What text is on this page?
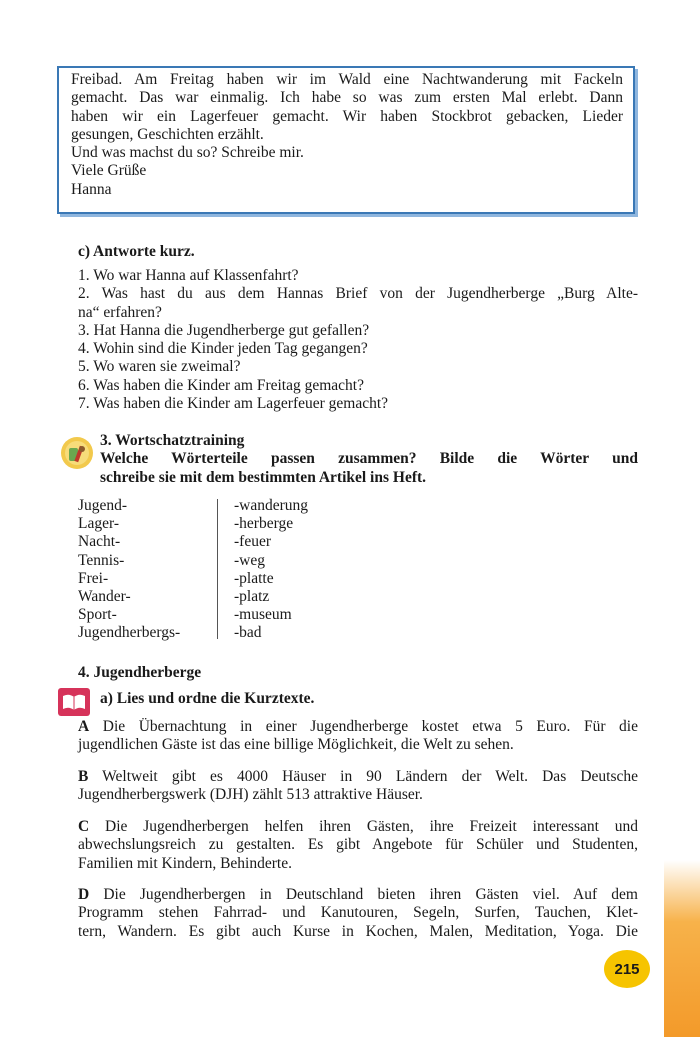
Freibad. Am Freitag haben wir im Wald eine Nachtwanderung mit Fackeln
gemacht. Das war einmalig. Ich habe so was zum ersten Mal erlebt. Dann
haben wir ein Lagerfeuer gemacht. Wir haben Stockbrot gebacken, Lieder
gesungen, Geschichten erzählt.
Und was machst du so? Schreibe mir.
Viele Grüße
Hanna
c) Antworte kurz.
1. Wo war Hanna auf Klassenfahrt?
2. Was hast du aus dem Hannas Brief von der Jugendherberge „Burg Alte-
na“ erfahren?
3. Hat Hanna die Jugendherberge gut gefallen?
4. Wohin sind die Kinder jeden Tag gegangen?
5. Wo waren sie zweimal?
6. Was haben die Kinder am Freitag gemacht?
7. Was haben die Kinder am Lagerfeuer gemacht?
3. Wortschatztraining
Welche Wörterteile passen zusammen? Bilde die Wörter und
schreibe sie mit dem bestimmten Artikel ins Heft.
Jugend-
Lager-
Nacht-
Tennis-
Frei-
Wander-
Sport-
Jugendherbergs-
-wanderung
-herberge
-feuer
-weg
-platte
-platz
-museum
-bad
4. Jugendherberge
a) Lies und ordne die Kurztexte.
A Die Übernachtung in einer Jugendherberge kostet etwa 5 Euro. Für die
jugendlichen Gäste ist das eine billige Möglichkeit, die Welt zu sehen.
B Weltweit gibt es 4000 Häuser in 90 Ländern der Welt. Das Deutsche
Jugendherbergswerk (DJH) zählt 513 attraktive Häuser.
C Die Jugendherbergen helfen ihren Gästen, ihre Freizeit interessant und
abwechslungsreich zu gestalten. Es gibt Angebote für Schüler und Studenten,
Familien mit Kindern, Behinderte.
D Die Jugendherbergen in Deutschland bieten ihren Gästen viel. Auf dem
Programm stehen Fahrrad- und Kanutouren, Segeln, Surfen, Tauchen, Klet-
tern, Wandern. Es gibt auch Kurse in Kochen, Malen, Meditation, Yoga. Die
215
